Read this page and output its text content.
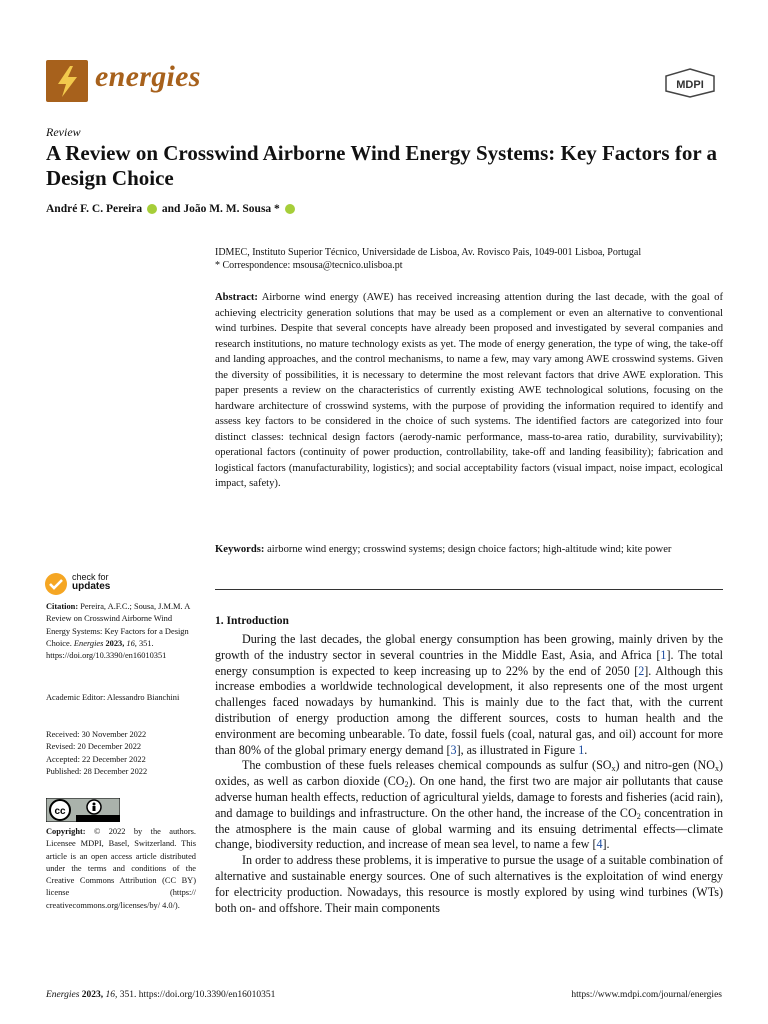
energies	MDPI
Review
A Review on Crosswind Airborne Wind Energy Systems: Key Factors for a Design Choice
André F. C. Pereira and João M. M. Sousa *
IDMEC, Instituto Superior Técnico, Universidade de Lisboa, Av. Rovisco Pais, 1049-001 Lisboa, Portugal
* Correspondence: msousa@tecnico.ulisboa.pt
Abstract: Airborne wind energy (AWE) has received increasing attention during the last decade, with the goal of achieving electricity generation solutions that may be used as a complement or even an alternative to conventional wind turbines. Despite that several concepts have already been proposed and investigated by several companies and research institutions, no mature technology exists as yet. The mode of energy generation, the type of wing, the take-off and landing approaches, and the control mechanisms, to name a few, may vary among AWE crosswind systems. Given the diversity of possibilities, it is necessary to determine the most relevant factors that drive AWE exploration. This paper presents a review on the characteristics of currently existing AWE technological solutions, focusing on the hardware architecture of crosswind systems, with the purpose of providing the information required to identify and assess key factors to be considered in the choice of such systems. The identified factors are categorized into four distinct classes: technical design factors (aerody-namic performance, mass-to-area ratio, durability, survivability); operational factors (continuity of power production, controllability, take-off and landing feasibility); fabrication and logistical factors (manufacturability, logistics); and social acceptability factors (visual impact, noise impact, ecological impact, safety).
Keywords: airborne wind energy; crosswind systems; design choice factors; high-altitude wind; kite power
check for
updates
Citation: Pereira, A.F.C.; Sousa, J.M.M. A Review on Crosswind Airborne Wind Energy Systems: Key Factors for a Design Choice. Energies 2023, 16, 351. https://doi.org/10.3390/en16010351
Academic Editor: Alessandro Bianchini
Received: 30 November 2022
Revised: 20 December 2022
Accepted: 22 December 2022
Published: 28 December 2022
cc
Copyright: © 2022 by the authors. Licensee MDPI, Basel, Switzerland. This article is an open access article distributed under the terms and conditions of the Creative Commons Attribution (CC BY) license (https:// creativecommons.org/licenses/by/ 4.0/).
1. Introduction

During the last decades, the global energy consumption has been growing, mainly driven by the growth of the industry sector in several countries in the Middle East, Asia, and Africa [1]. The total energy consumption is expected to keep increasing up to 22% by the end of 2050 [2]. Although this increase embodies a worldwide technological development, it also represents one of the most urgent challenges faced nowadays by humankind. This is mainly due to the fact that, with the current distribution of energy production among the different sources, costs to human health and the environment are becoming unbearable. To date, fossil fuels (coal, natural gas, and oil) account for more than 80% of the global primary energy demand [3], as illustrated in Figure 1.

The combustion of these fuels releases chemical compounds as sulfur $(SO_x)$ and nitro-gen $(NO_x)$ oxides, as well as carbon dioxide $(CO_2)$. On one hand, the first two are major air pollutants that cause adverse human health effects, reduction of agricultural yields, damage to forests and fisheries (acid rain), and damage to buildings and infrastructure. On the other hand, the increase of the $CO_2$ concentration in the atmosphere is the main cause of global warming and its ensuing detrimental effects—climate change, biodiversity reduction, and increase of mean sea level, to name a few [4].

In order to address these problems, it is imperative to pursue the usage of a suitable combination of alternative and sustainable energy sources. One of such alternatives is the exploitation of wind energy for electricity production. Nowadays, this resource is mostly explored by using wind turbines (WTs) both on- and offshore. Their main components

Energies 2023, 16, 351. https://doi.org/10.3390/en16010351	https://www.mdpi.com/journal/energies
